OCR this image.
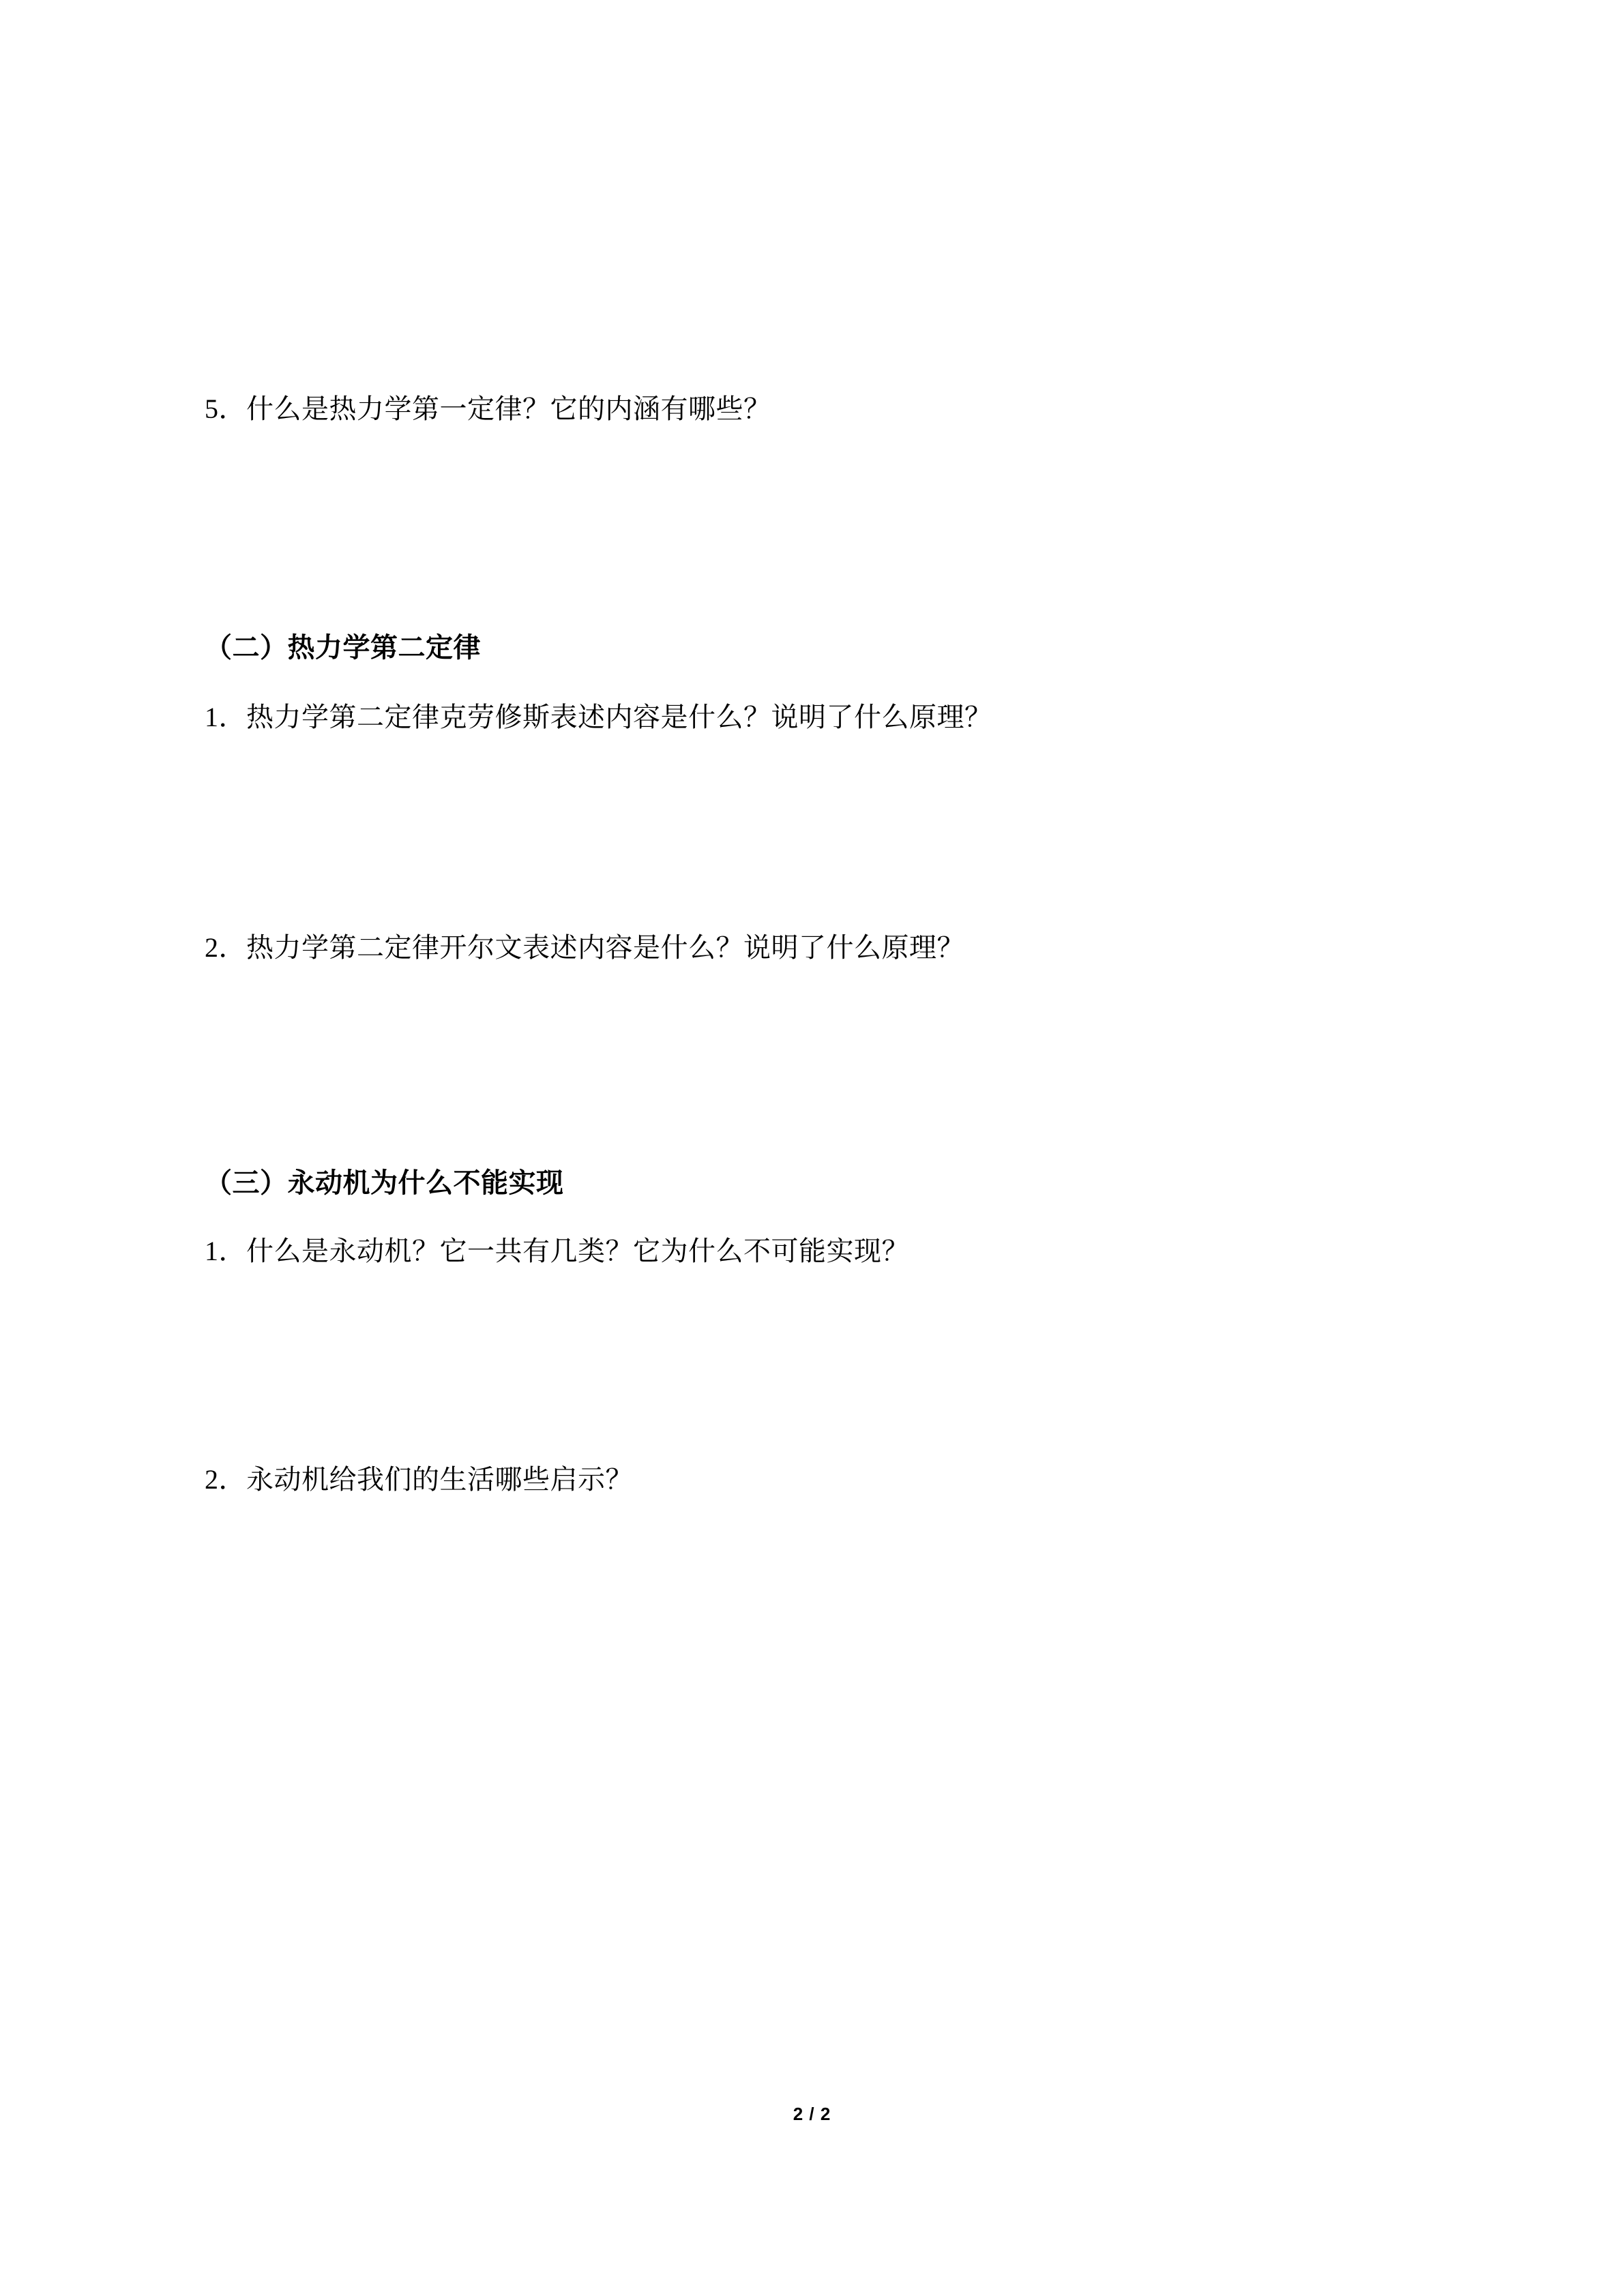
5．什么是热力学第一定律？它的内涵有哪些？
（二）热力学第二定律
1．热力学第二定律克劳修斯表述内容是什么？说明了什么原理？
2．热力学第二定律开尔文表述内容是什么？说明了什么原理？
（三）永动机为什么不能实现
1．什么是永动机？它一共有几类？它为什么不可能实现？
2．永动机给我们的生活哪些启示？
2 / 2
